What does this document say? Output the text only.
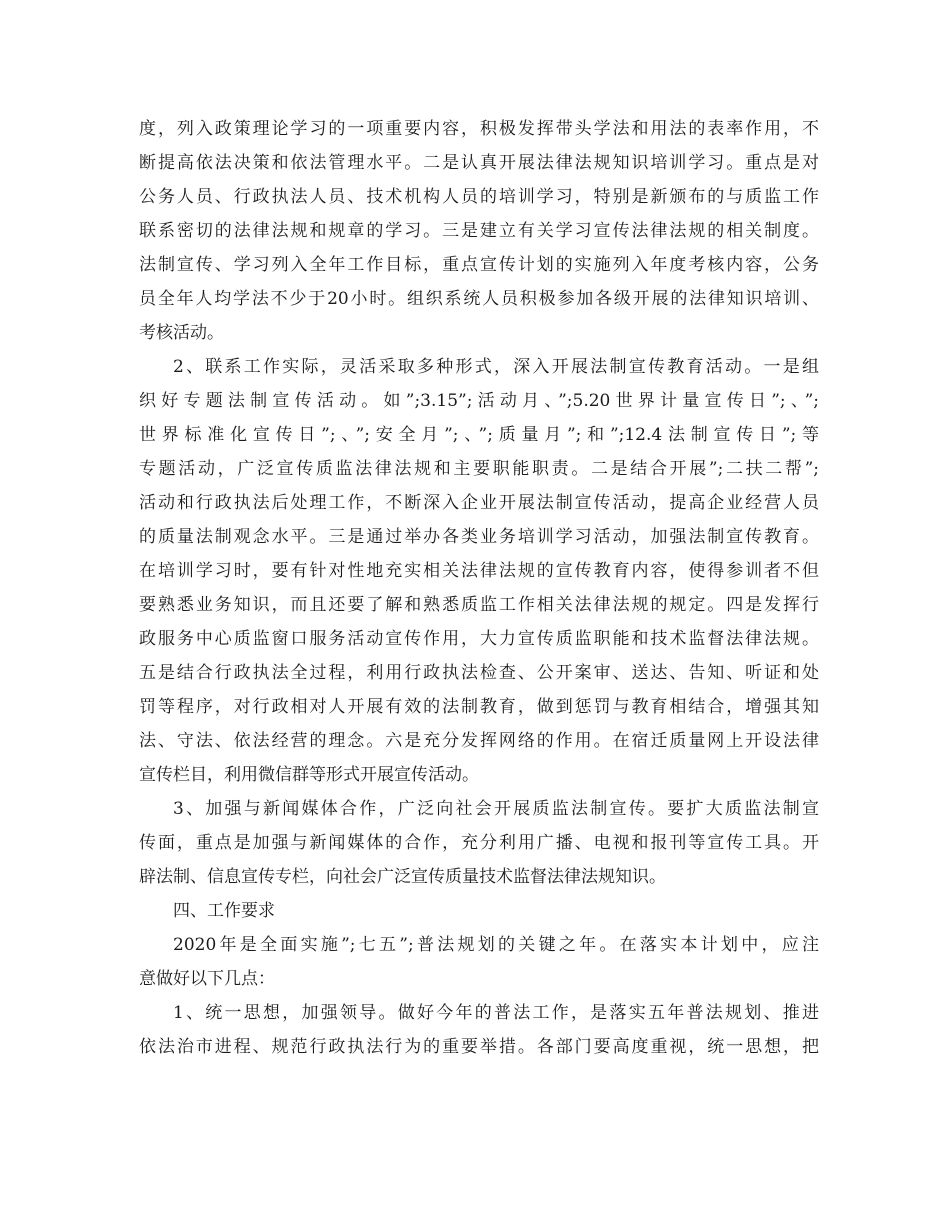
度，列入政策理论学习的一项重要内容，积极发挥带头学法和用法的表率作用，不
断提高依法决策和依法管理水平。二是认真开展法律法规知识培训学习。重点是对
公务人员、行政执法人员、技术机构人员的培训学习，特别是新颁布的与质监工作
联系密切的法律法规和规章的学习。三是建立有关学习宣传法律法规的相关制度。
法制宣传、学习列入全年工作目标，重点宣传计划的实施列入年度考核内容，公务
员全年人均学法不少于20小时。组织系统人员积极参加各级开展的法律知识培训、
考核活动。
2、联系工作实际，灵活采取多种形式，深入开展法制宣传教育活动。一是组
织好专题法制宣传活动。如”;3.15”;活动月、”;5.20世界计量宣传日”;、”;
世界标准化宣传日”;、”;安全月”;、”;质量月”;和”;12.4法制宣传日”;等
专题活动，广泛宣传质监法律法规和主要职能职责。二是结合开展”;二扶二帮”;
活动和行政执法后处理工作，不断深入企业开展法制宣传活动，提高企业经营人员
的质量法制观念水平。三是通过举办各类业务培训学习活动，加强法制宣传教育。
在培训学习时，要有针对性地充实相关法律法规的宣传教育内容，使得参训者不但
要熟悉业务知识，而且还要了解和熟悉质监工作相关法律法规的规定。四是发挥行
政服务中心质监窗口服务活动宣传作用，大力宣传质监职能和技术监督法律法规。
五是结合行政执法全过程，利用行政执法检查、公开案审、送达、告知、听证和处
罚等程序，对行政相对人开展有效的法制教育，做到惩罚与教育相结合，增强其知
法、守法、依法经营的理念。六是充分发挥网络的作用。在宿迁质量网上开设法律
宣传栏目，利用微信群等形式开展宣传活动。
3、加强与新闻媒体合作，广泛向社会开展质监法制宣传。要扩大质监法制宣
传面，重点是加强与新闻媒体的合作，充分利用广播、电视和报刊等宣传工具。开
辟法制、信息宣传专栏，向社会广泛宣传质量技术监督法律法规知识。
四、工作要求
2020年是全面实施”;七五”;普法规划的关键之年。在落实本计划中，应注
意做好以下几点：
1、统一思想，加强领导。做好今年的普法工作，是落实五年普法规划、推进
依法治市进程、规范行政执法行为的重要举措。各部门要高度重视，统一思想，把
